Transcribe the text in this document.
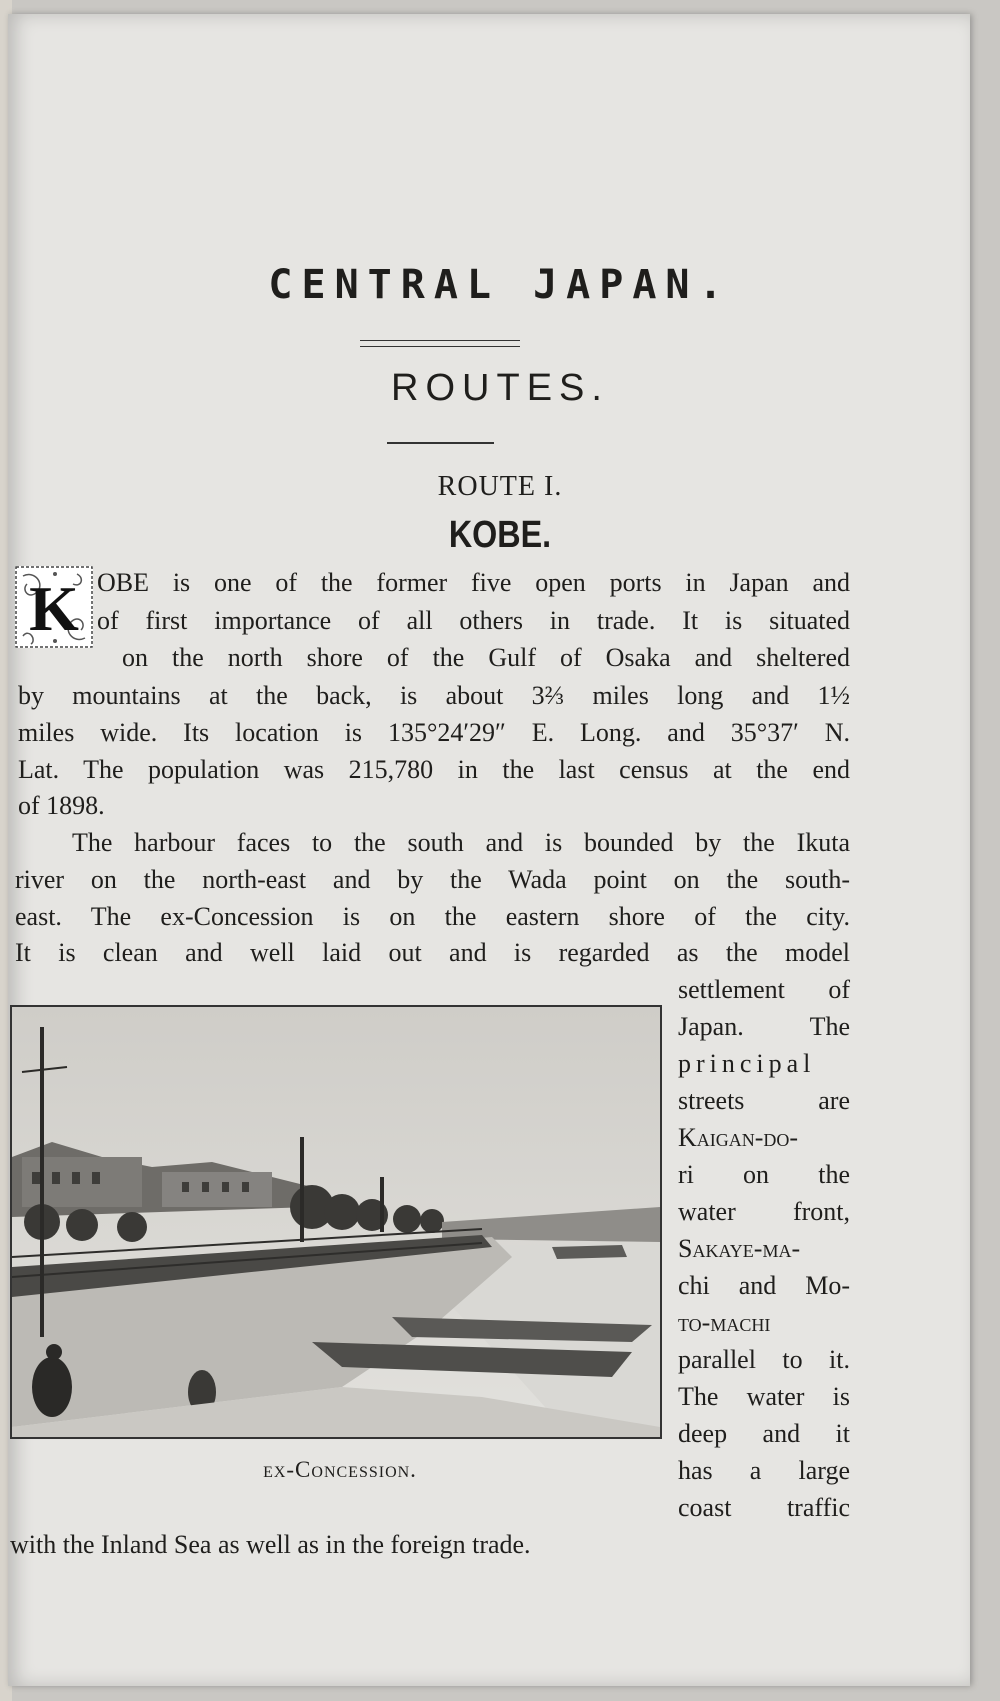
CENTRAL JAPAN.
ROUTES.
ROUTE I.
KOBE.
K OBE is one of the former five open ports in Japan and
of first importance of all others in trade. It is situated
on the north shore of the Gulf of Osaka and sheltered
by mountains at the back, is about 3⅔ miles long and 1½
miles wide. Its location is 135°24′29″ E. Long. and 35°37′ N.
Lat. The population was 215,780 in the last census at the end
of 1898.
The harbour faces to the south and is bounded by the Ikuta
river on the north-east and by the Wada point on the south-
east. The ex-Concession is on the eastern shore of the city.
It is clean and well laid out and is regarded as the model
settlement of
Japan. The
principal
streets are
Kaigan-do-
ri on the
water front,
Sakaye-ma-
chi and Mo-
to-machi
parallel to it.
The water is
deep and it
has a large
coast traffic
ex-Concession.
with the Inland Sea as well as in the foreign trade.
